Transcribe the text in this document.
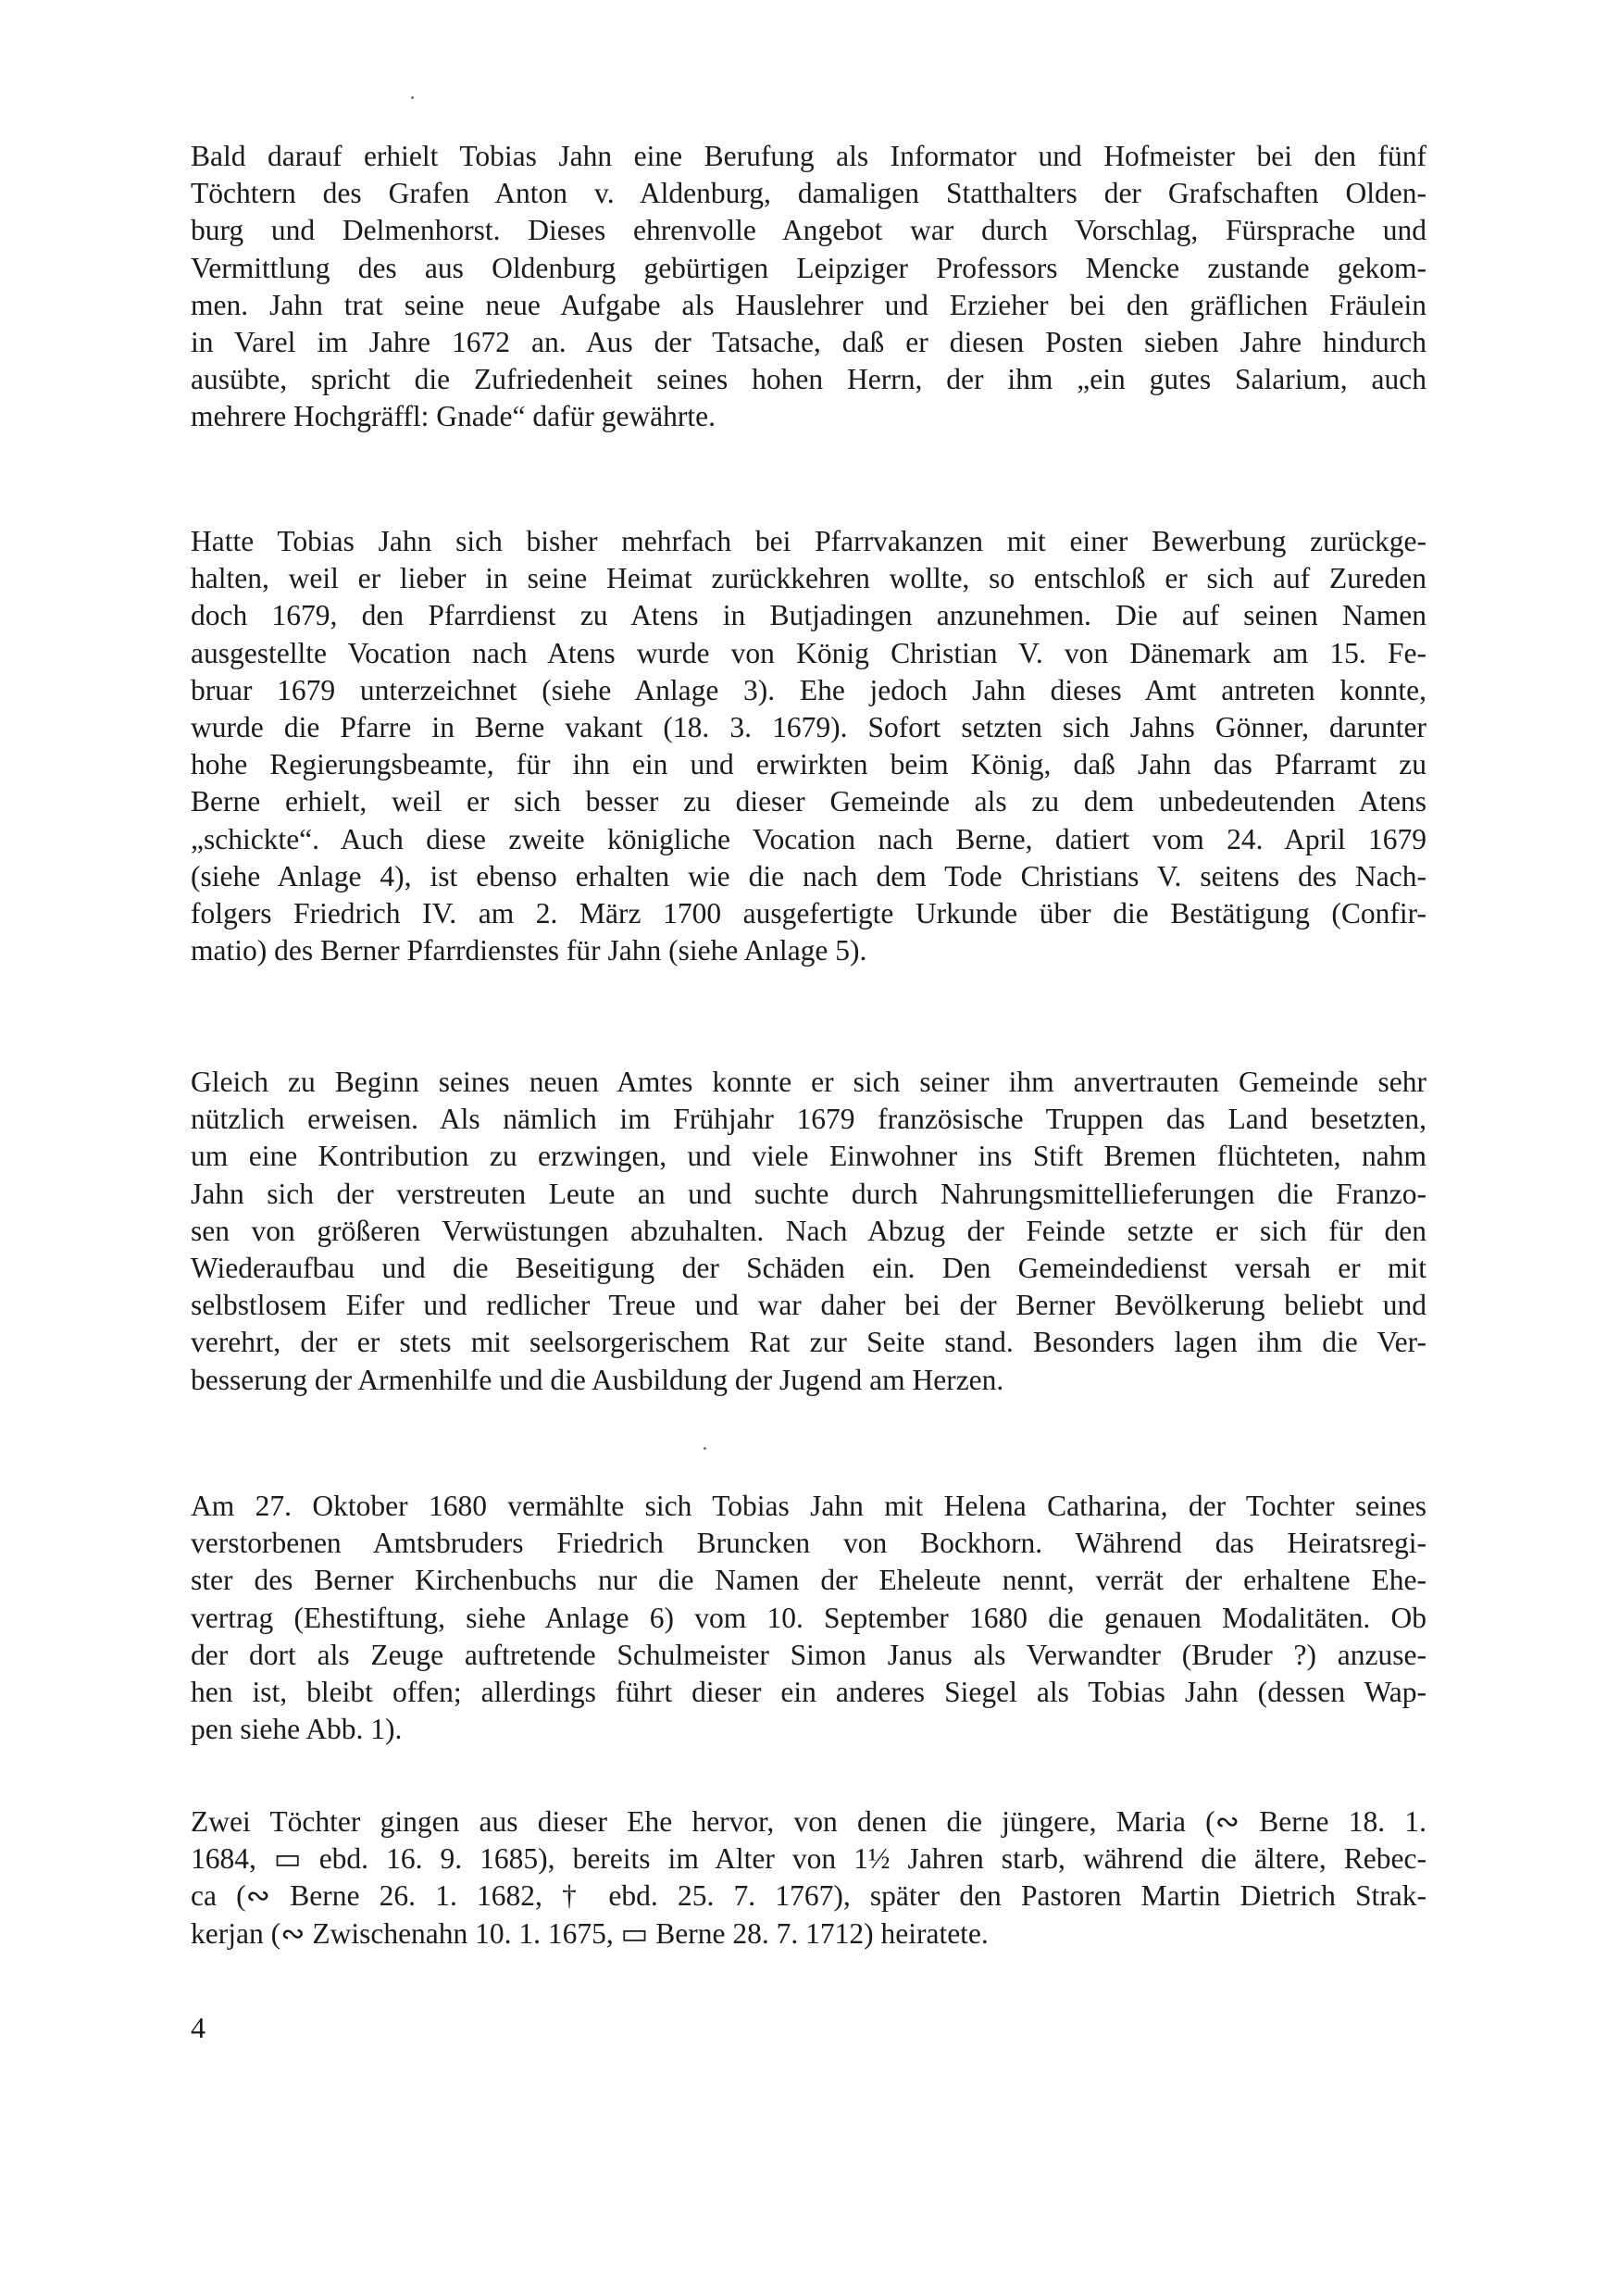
Bald darauf erhielt Tobias Jahn eine Berufung als Informator und Hofmeister bei den fünf
Töchtern des Grafen Anton v. Aldenburg, damaligen Statthalters der Grafschaften Olden-
burg und Delmenhorst. Dieses ehrenvolle Angebot war durch Vorschlag, Fürsprache und
Vermittlung des aus Oldenburg gebürtigen Leipziger Professors Mencke zustande gekom-
men. Jahn trat seine neue Aufgabe als Hauslehrer und Erzieher bei den gräflichen Fräulein
in Varel im Jahre 1672 an. Aus der Tatsache, daß er diesen Posten sieben Jahre hindurch
ausübte, spricht die Zufriedenheit seines hohen Herrn, der ihm „ein gutes Salarium, auch
mehrere Hochgräffl: Gnade“ dafür gewährte.
Hatte Tobias Jahn sich bisher mehrfach bei Pfarrvakanzen mit einer Bewerbung zurückge-
halten, weil er lieber in seine Heimat zurückkehren wollte, so entschloß er sich auf Zureden
doch 1679, den Pfarrdienst zu Atens in Butjadingen anzunehmen. Die auf seinen Namen
ausgestellte Vocation nach Atens wurde von König Christian V. von Dänemark am 15. Fe-
bruar 1679 unterzeichnet (siehe Anlage 3). Ehe jedoch Jahn dieses Amt antreten konnte,
wurde die Pfarre in Berne vakant (18. 3. 1679). Sofort setzten sich Jahns Gönner, darunter
hohe Regierungsbeamte, für ihn ein und erwirkten beim König, daß Jahn das Pfarramt zu
Berne erhielt, weil er sich besser zu dieser Gemeinde als zu dem unbedeutenden Atens
„schickte“. Auch diese zweite königliche Vocation nach Berne, datiert vom 24. April 1679
(siehe Anlage 4), ist ebenso erhalten wie die nach dem Tode Christians V. seitens des Nach-
folgers Friedrich IV. am 2. März 1700 ausgefertigte Urkunde über die Bestätigung (Confir-
matio) des Berner Pfarrdienstes für Jahn (siehe Anlage 5).
Gleich zu Beginn seines neuen Amtes konnte er sich seiner ihm anvertrauten Gemeinde sehr
nützlich erweisen. Als nämlich im Frühjahr 1679 französische Truppen das Land besetzten,
um eine Kontribution zu erzwingen, und viele Einwohner ins Stift Bremen flüchteten, nahm
Jahn sich der verstreuten Leute an und suchte durch Nahrungsmittellieferungen die Franzo-
sen von größeren Verwüstungen abzuhalten. Nach Abzug der Feinde setzte er sich für den
Wiederaufbau und die Beseitigung der Schäden ein. Den Gemeindedienst versah er mit
selbstlosem Eifer und redlicher Treue und war daher bei der Berner Bevölkerung beliebt und
verehrt, der er stets mit seelsorgerischem Rat zur Seite stand. Besonders lagen ihm die Ver-
besserung der Armenhilfe und die Ausbildung der Jugend am Herzen.
Am 27. Oktober 1680 vermählte sich Tobias Jahn mit Helena Catharina, der Tochter seines
verstorbenen Amtsbruders Friedrich Bruncken von Bockhorn. Während das Heiratsregi-
ster des Berner Kirchenbuchs nur die Namen der Eheleute nennt, verrät der erhaltene Ehe-
vertrag (Ehestiftung, siehe Anlage 6) vom 10. September 1680 die genauen Modalitäten. Ob
der dort als Zeuge auftretende Schulmeister Simon Janus als Verwandter (Bruder ?) anzuse-
hen ist, bleibt offen; allerdings führt dieser ein anderes Siegel als Tobias Jahn (dessen Wap-
pen siehe Abb. 1).
Zwei Töchter gingen aus dieser Ehe hervor, von denen die jüngere, Maria (∾ Berne 18. 1.
1684, ▭ ebd. 16. 9. 1685), bereits im Alter von 1½ Jahren starb, während die ältere, Rebec-
ca (∾ Berne 26. 1. 1682, † ebd. 25. 7. 1767), später den Pastoren Martin Dietrich Strak-
kerjan (∾ Zwischenahn 10. 1. 1675, ▭ Berne 28. 7. 1712) heiratete.
4
